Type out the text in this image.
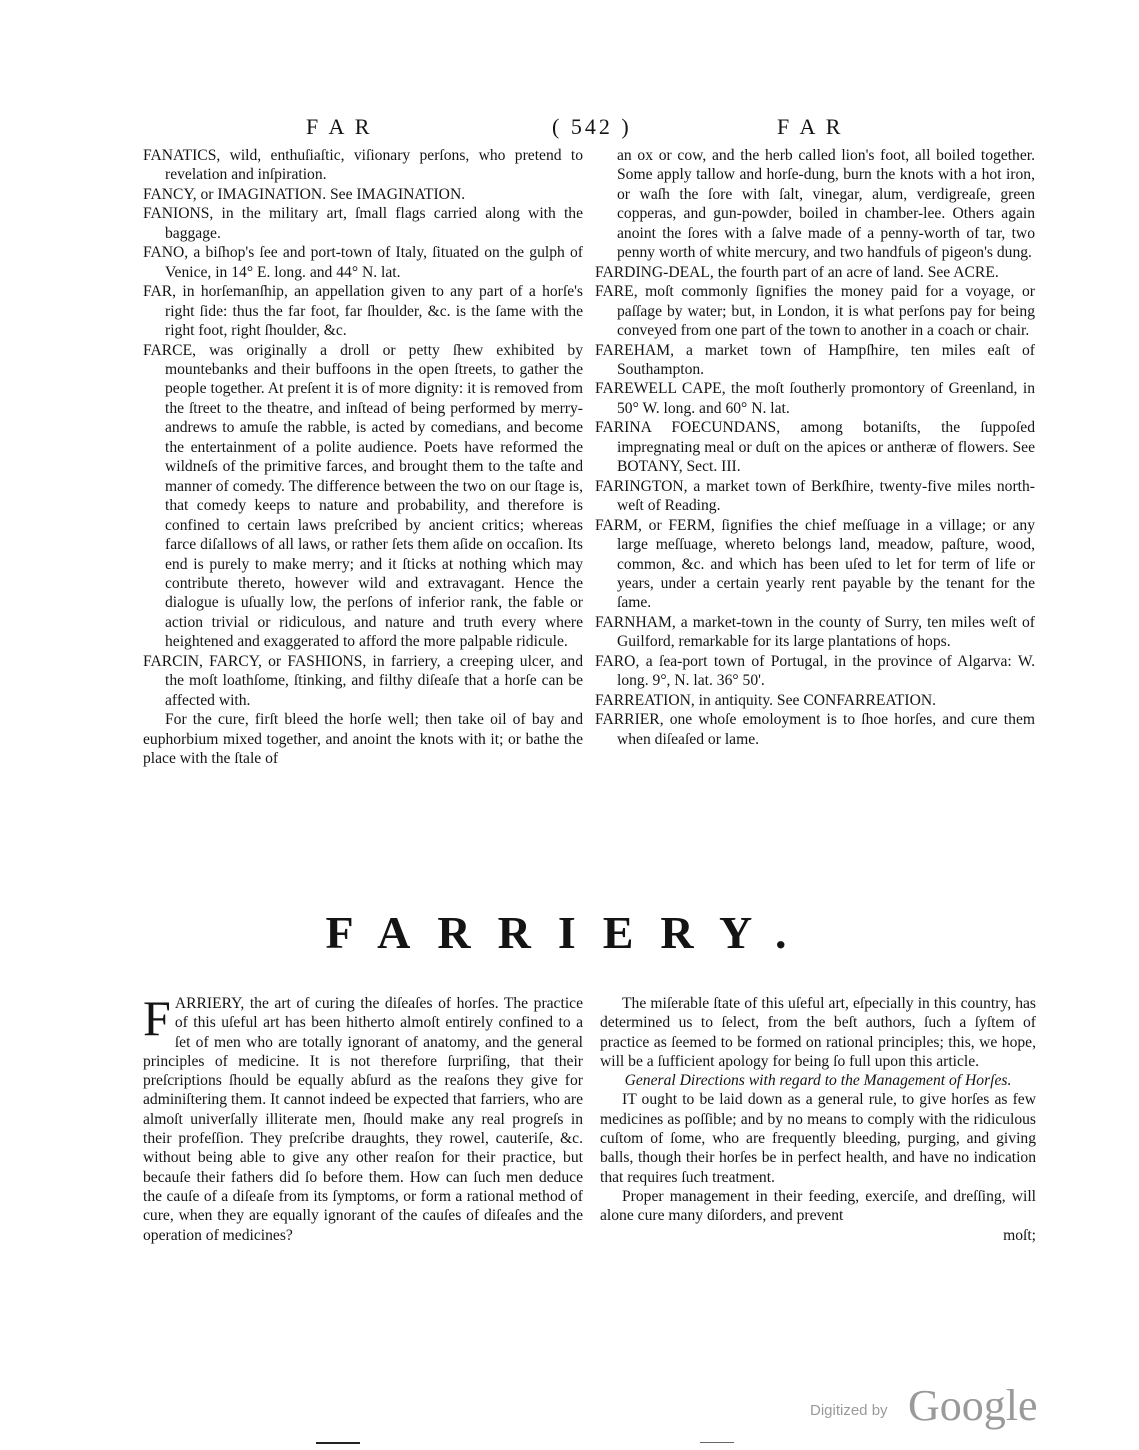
F A R	( 542 )	F A R

FANATICS, wild, enthuſiaſtic, viſionary perſons, who pretend to revelation and inſpiration.

FANCY, or IMAGINATION. See IMAGINATION.

FANIONS, in the military art, ſmall flags carried along with the baggage.

FANO, a biſhop's ſee and port-town of Italy, ſituated on the gulph of Venice, in 14° E. long. and 44° N. lat.

FAR, in horſemanſhip, an appellation given to any part of a horſe's right ſide: thus the far foot, far ſhoulder, &c. is the ſame with the right foot, right ſhoulder, &c.

FARCE, was originally a droll or petty ſhew exhibited by mountebanks and their buffoons in the open ſtreets, to gather the people together. At preſent it is of more dignity: it is removed from the ſtreet to the theatre, and inſtead of being performed by merry-andrews to amuſe the rabble, is acted by comedians, and become the entertainment of a polite audience. Poets have reformed the wildneſs of the primitive farces, and brought them to the taſte and manner of comedy. The difference between the two on our ſtage is, that comedy keeps to nature and probability, and therefore is confined to certain laws preſcribed by ancient critics; whereas farce diſallows of all laws, or rather ſets them aſide on occaſion. Its end is purely to make merry; and it ſticks at nothing which may contribute thereto, however wild and extravagant. Hence the dialogue is uſually low, the perſons of inferior rank, the fable or action trivial or ridiculous, and nature and truth every where heightened and exaggerated to afford the more palpable ridicule.

FARCIN, FARCY, or FASHIONS, in farriery, a creeping ulcer, and the moſt loathſome, ſtinking, and filthy diſeaſe that a horſe can be affected with.

For the cure, firſt bleed the horſe well; then take oil of bay and euphorbium mixed together, and anoint the knots with it; or bathe the place with the ſtale of

an ox or cow, and the herb called lion's foot, all boiled together. Some apply tallow and horſe-dung, burn the knots with a hot iron, or waſh the ſore with ſalt, vinegar, alum, verdigreaſe, green copperas, and gun-powder, boiled in chamber-lee. Others again anoint the ſores with a ſalve made of a penny-worth of tar, two penny worth of white mercury, and two handfuls of pigeon's dung.

FARDING-DEAL, the fourth part of an acre of land. See ACRE.

FARE, moſt commonly ſignifies the money paid for a voyage, or paſſage by water; but, in London, it is what perſons pay for being conveyed from one part of the town to another in a coach or chair.

FAREHAM, a market town of Hampſhire, ten miles eaſt of Southampton.

FAREWELL CAPE, the moſt ſoutherly promontory of Greenland, in 50° W. long. and 60° N. lat.

FARINA FOECUNDANS, among botaniſts, the ſuppoſed impregnating meal or duſt on the apices or antheræ of flowers. See BOTANY, Sect. III.

FARINGTON, a market town of Berkſhire, twenty-five miles north-weſt of Reading.

FARM, or FERM, ſignifies the chief meſſuage in a village; or any large meſſuage, whereto belongs land, meadow, paſture, wood, common, &c. and which has been uſed to let for term of life or years, under a certain yearly rent payable by the tenant for the ſame.

FARNHAM, a market-town in the county of Surry, ten miles weſt of Guilford, remarkable for its large plantations of hops.

FARO, a ſea-port town of Portugal, in the province of Algarva: W. long. 9°, N. lat. 36° 50'.

FARREATION, in antiquity. See CONFARREATION.

FARRIER, one whoſe emoloyment is to ſhoe horſes, and cure them when diſeaſed or lame.

FARRIERY.

FARRIERY, the art of curing the diſeaſes of horſes. The practice of this uſeful art has been hitherto almoſt entirely confined to a ſet of men who are totally ignorant of anatomy, and the general principles of medicine. It is not therefore ſurpriſing, that their preſcriptions ſhould be equally abſurd as the reaſons they give for adminiſtering them. It cannot indeed be expected that farriers, who are almoſt univerſally illiterate men, ſhould make any real progreſs in their profeſſion. They preſcribe draughts, they rowel, cauteriſe, &c. without being able to give any other reaſon for their practice, but becauſe their fathers did ſo before them. How can ſuch men deduce the cauſe of a diſeaſe from its ſymptoms, or form a rational method of cure, when they are equally ignorant of the cauſes of diſeaſes and the operation of medicines?

The miſerable ſtate of this uſeful art, eſpecially in this country, has determined us to ſelect, from the beſt authors, ſuch a ſyſtem of practice as ſeemed to be formed on rational principles; this, we hope, will be a ſufficient apology for being ſo full upon this article.

General Directions with regard to the Management of Horſes.

IT ought to be laid down as a general rule, to give horſes as few medicines as poſſible; and by no means to comply with the ridiculous cuſtom of ſome, who are frequently bleeding, purging, and giving balls, though their horſes be in perfect health, and have no indication that requires ſuch treatment.

Proper management in their feeding, exerciſe, and dreſſing, will alone cure many diſorders, and prevent

moſt;

Digitized by Google
